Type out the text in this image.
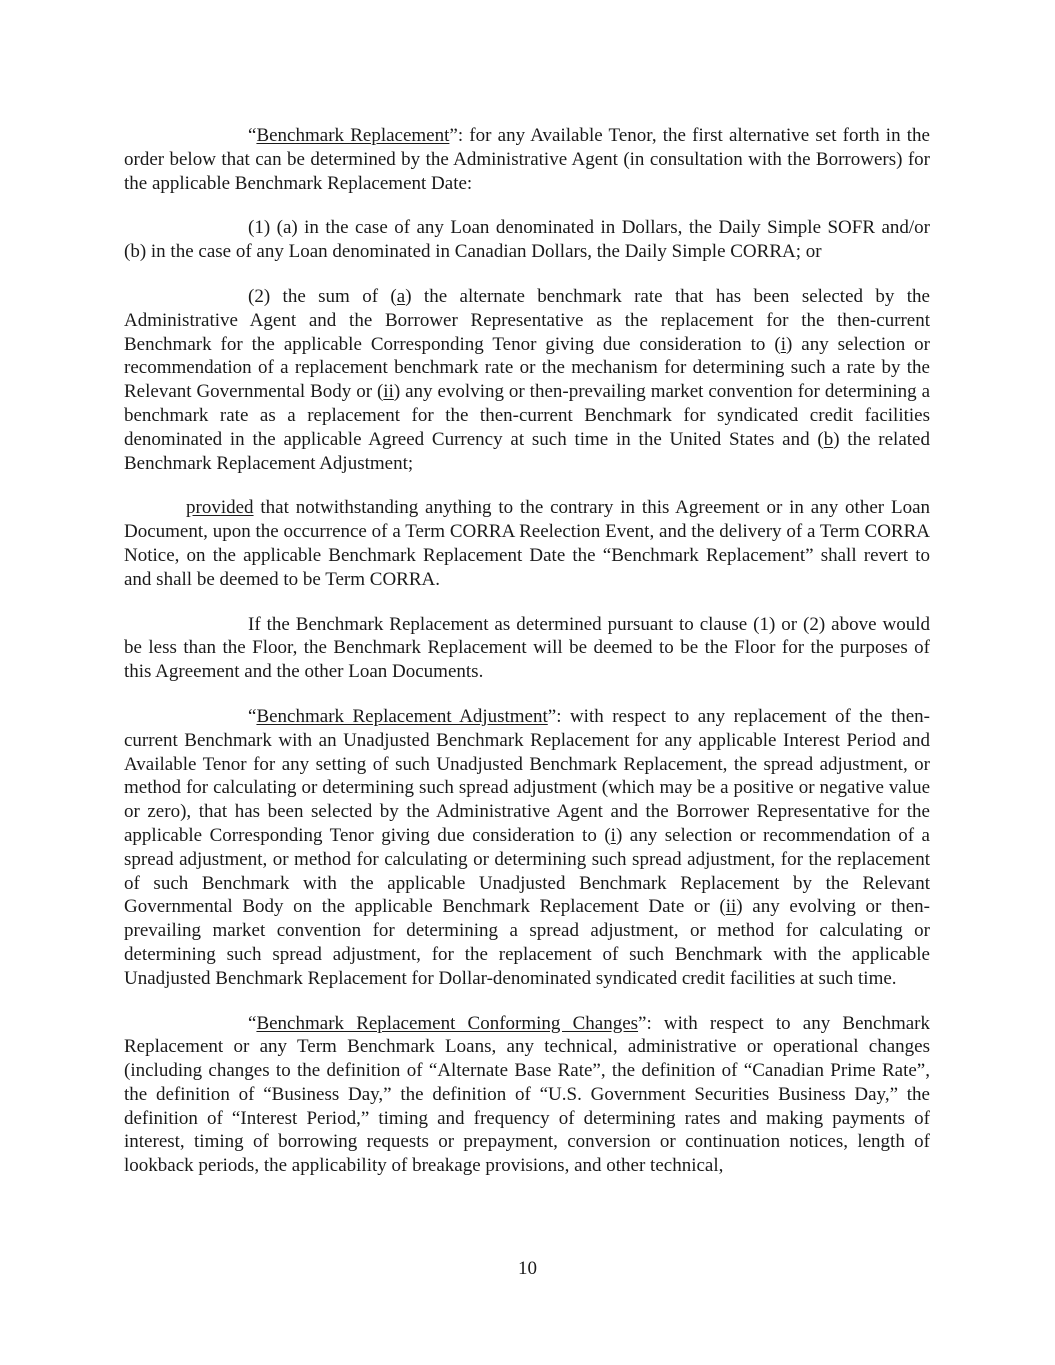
“Benchmark Replacement”: for any Available Tenor, the first alternative set forth in the order below that can be determined by the Administrative Agent (in consultation with the Borrowers) for the applicable Benchmark Replacement Date:

(1) (a) in the case of any Loan denominated in Dollars, the Daily Simple SOFR and/or (b) in the case of any Loan denominated in Canadian Dollars, the Daily Simple CORRA; or

(2) the sum of (a) the alternate benchmark rate that has been selected by the Administrative Agent and the Borrower Representative as the replacement for the then-current Benchmark for the applicable Corresponding Tenor giving due consideration to (i) any selection or recommendation of a replacement benchmark rate or the mechanism for determining such a rate by the Relevant Governmental Body or (ii) any evolving or then-prevailing market convention for determining a benchmark rate as a replacement for the then-current Benchmark for syndicated credit facilities denominated in the applicable Agreed Currency at such time in the United States and (b) the related Benchmark Replacement Adjustment;

provided that notwithstanding anything to the contrary in this Agreement or in any other Loan Document, upon the occurrence of a Term CORRA Reelection Event, and the delivery of a Term CORRA Notice, on the applicable Benchmark Replacement Date the “Benchmark Replacement” shall revert to and shall be deemed to be Term CORRA.

If the Benchmark Replacement as determined pursuant to clause (1) or (2) above would be less than the Floor, the Benchmark Replacement will be deemed to be the Floor for the purposes of this Agreement and the other Loan Documents.

“Benchmark Replacement Adjustment”: with respect to any replacement of the then-current Benchmark with an Unadjusted Benchmark Replacement for any applicable Interest Period and Available Tenor for any setting of such Unadjusted Benchmark Replacement, the spread adjustment, or method for calculating or determining such spread adjustment (which may be a positive or negative value or zero), that has been selected by the Administrative Agent and the Borrower Representative for the applicable Corresponding Tenor giving due consideration to (i) any selection or recommendation of a spread adjustment, or method for calculating or determining such spread adjustment, for the replacement of such Benchmark with the applicable Unadjusted Benchmark Replacement by the Relevant Governmental Body on the applicable Benchmark Replacement Date or (ii) any evolving or then-prevailing market convention for determining a spread adjustment, or method for calculating or determining such spread adjustment, for the replacement of such Benchmark with the applicable Unadjusted Benchmark Replacement for Dollar-denominated syndicated credit facilities at such time.

“Benchmark Replacement Conforming Changes”: with respect to any Benchmark Replacement or any Term Benchmark Loans, any technical, administrative or operational changes (including changes to the definition of “Alternate Base Rate”, the definition of “Canadian Prime Rate”, the definition of “Business Day,” the definition of “U.S. Government Securities Business Day,” the definition of “Interest Period,” timing and frequency of determining rates and making payments of interest, timing of borrowing requests or prepayment, conversion or continuation notices, length of lookback periods, the applicability of breakage provisions, and other technical,

10
